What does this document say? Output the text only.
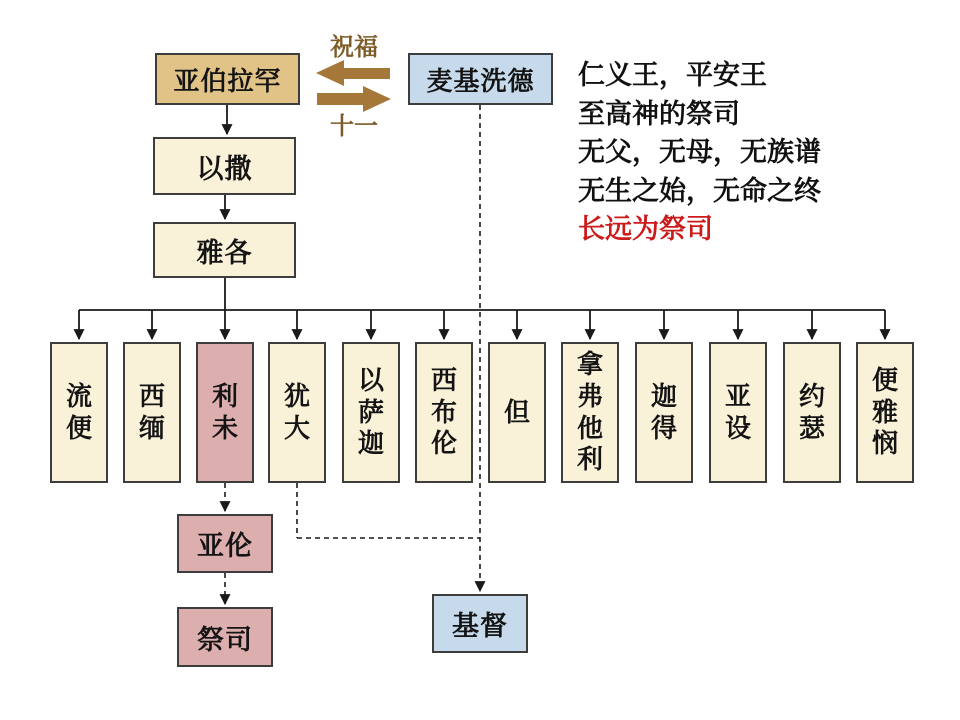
祝福
十一
亚伯拉罕	麦基洗德
以撒
雅各
流
便
西
缅
利
未
犹
大
以
萨
迦
西
布
伦
但
拿
弗
他
利
迦
得
亚
设
约
瑟
便
雅
悯
亚伦
祭司	基督
仁义王，平安王
至高神的祭司
无父，无母，无族谱
无生之始，无命之终
长远为祭司
